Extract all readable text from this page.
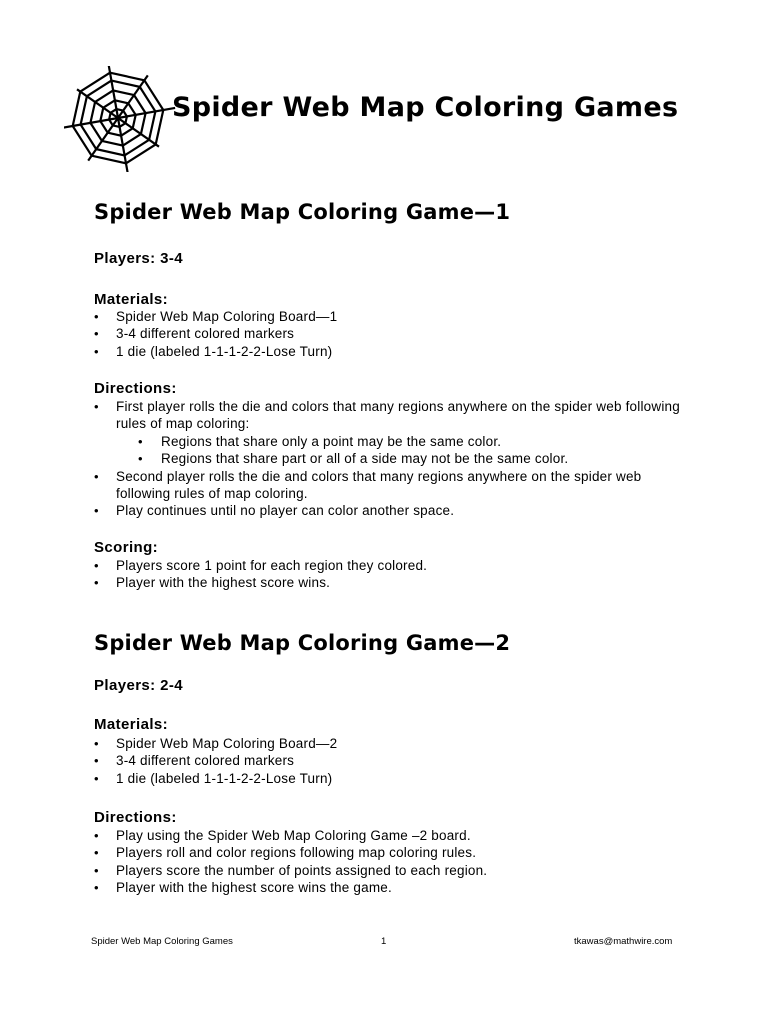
Spider Web Map Coloring Games
Spider Web Map Coloring Game—1
Players: 3-4
Materials:
•	Spider Web Map Coloring Board—1
•	3-4 different colored markers
•	1 die (labeled 1-1-1-2-2-Lose Turn)
Directions:
•	First player rolls the die and colors that many regions anywhere on the spider web following rules of map coloring:
•	Regions that share only a point may be the same color.
•	Regions that share part or all of a side may not be the same color.
•	Second player rolls the die and colors that many regions anywhere on the spider web following rules of map coloring.
•	Play continues until no player can color another space.
Scoring:
•	Players score 1 point for each region they colored.
•	Player with the highest score wins.
Spider Web Map Coloring Game—2
Players: 2-4
Materials:
•	Spider Web Map Coloring Board—2
•	3-4 different colored markers
•	1 die (labeled 1-1-1-2-2-Lose Turn)
Directions:
•	Play using the Spider Web Map Coloring Game –2 board.
•	Players roll and color regions following map coloring rules.
•	Players score the number of points assigned to each region.
•	Player with the highest score wins the game.
Spider Web Map Coloring Games	1	tkawas@mathwire.com
